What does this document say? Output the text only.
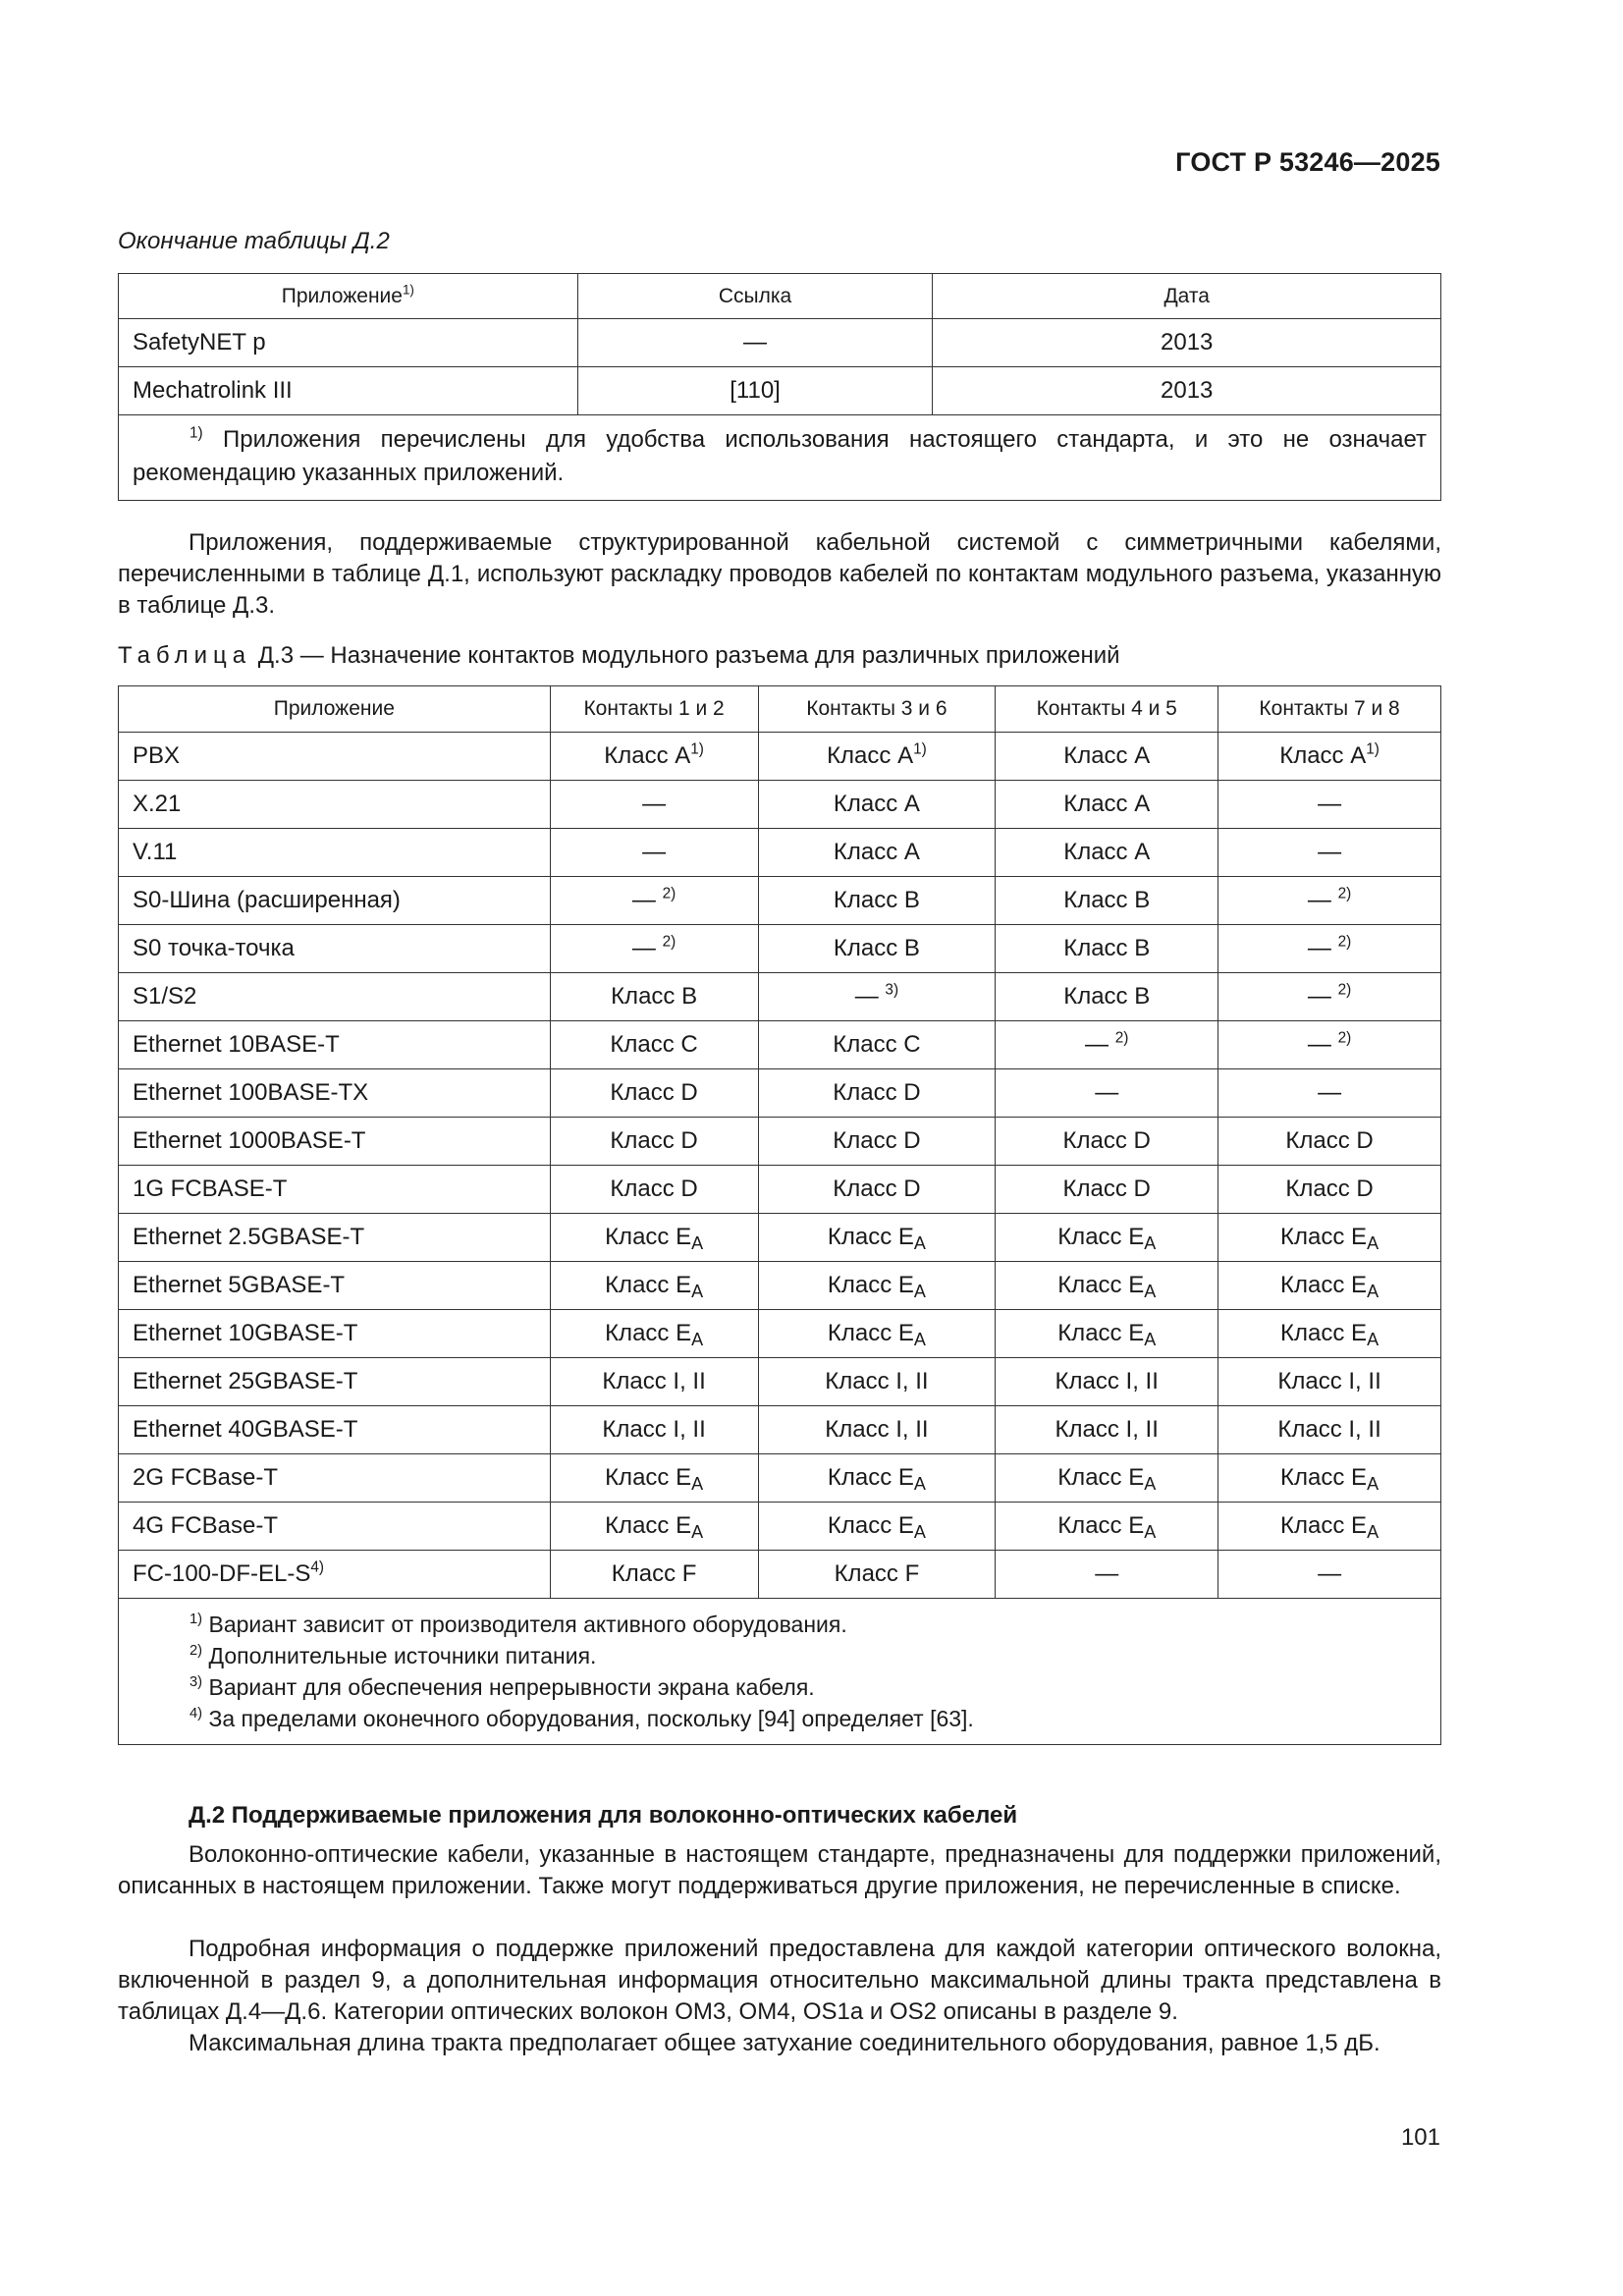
ГОСТ Р 53246—2025
Окончание таблицы Д.2
Приложение$^{1)}$	Ссылка	Дата
SafetyNET p	—	2013
Mechatrolink III	[110]	2013
$^{1)}$ Приложения перечислены для удобства использования настоящего стандарта, и это не означает рекомендацию указанных приложений.		

Приложения, поддерживаемые структурированной кабельной системой с симметричными кабелями, перечисленными в таблице Д.1, используют раскладку проводов кабелей по контактам модульного разъема, указанную в таблице Д.3.

Таблица Д.3 — Назначение контактов модульного разъема для различных приложений
Приложение	Контакты 1 и 2	Контакты 3 и 6	Контакты 4 и 5	Контакты 7 и 8
PBX	Класс $А^{1)}$	Класс $А^{1)}$	Класс А	Класс $А^{1)}$
X.21	—	Класс А	Класс А	—
V.11	—	Класс А	Класс А	—
S0-Шина (расширенная)	— $^{2)}$	Класс В	Класс В	— $^{2)}$
S0 точка-точка	— $^{2)}$	Класс В	Класс В	— $^{2)}$
S1/S2	Класс В	— $^{3)}$	Класс В	— $^{2)}$
Ethernet 10BASE-T	Класс С	Класс С	— $^{2)}$	— $^{2)}$
Ethernet 100BASE-TX	Класс D	Класс D	—	—
Ethernet 1000BASE-T	Класс D	Класс D	Класс D	Класс D
1G FCBASE-T	Класс D	Класс D	Класс D	Класс D
Ethernet 2.5GBASE-T	Класс $E_A$	Класс $E_A$	Класс $E_A$	Класс $E_A$
Ethernet 5GBASE-T	Класс $E_A$	Класс $E_A$	Класс $E_A$	Класс $E_A$
Ethernet 10GBASE-T	Класс $E_A$	Класс $E_A$	Класс $E_A$	Класс $E_A$
Ethernet 25GBASE-T	Класс I, II	Класс I, II	Класс I, II	Класс I, II
Ethernet 40GBASE-T	Класс I, II	Класс I, II	Класс I, II	Класс I, II
2G FCBase-T	Класс $E_A$	Класс $E_A$	Класс $E_A$	Класс $E_A$
4G FCBase-T	Класс $E_A$	Класс $E_A$	Класс $E_A$	Класс $E_A$
$FC-100-DF-EL-S^{4)}$	Класс F	Класс F	—	—

$^{1)}$ Вариант зависит от производителя активного оборудования.
$^{2)}$ Дополнительные источники питания.
$^{3)}$ Вариант для обеспечения непрерывности экрана кабеля.
$^{4)}$ За пределами оконечного оборудования, поскольку [94] определяет [63].				
Д.2 Поддерживаемые приложения для волоконно-оптических кабелей

Волоконно-оптические кабели, указанные в настоящем стандарте, предназначены для поддержки приложений, описанных в настоящем приложении. Также могут поддерживаться другие приложения, не перечисленные в списке.

Подробная информация о поддержке приложений предоставлена для каждой категории оптического волокна, включенной в раздел 9, а дополнительная информация относительно максимальной длины тракта представлена в таблицах Д.4—Д.6. Категории оптических волокон ОМ3, ОМ4, OS1a и OS2 описаны в разделе 9.

Максимальная длина тракта предполагает общее затухание соединительного оборудования, равное 1,5 дБ.

101
